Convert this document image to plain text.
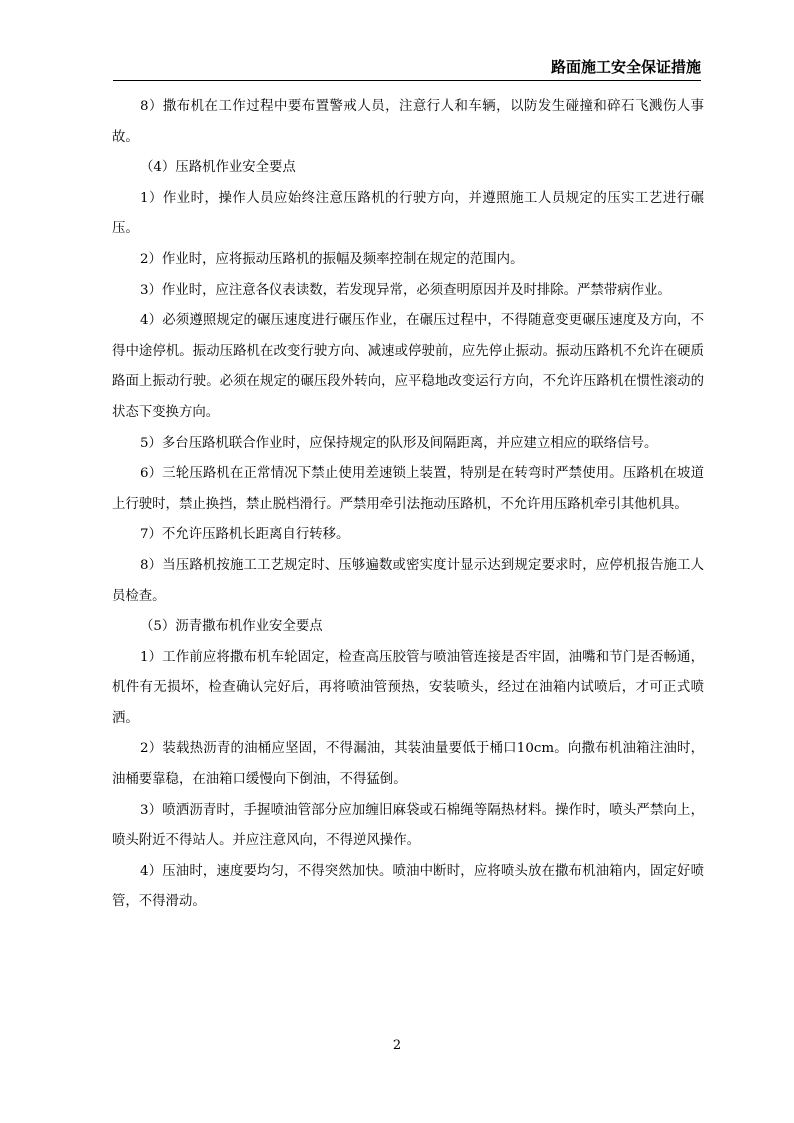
路面施工安全保证措施

8）撒布机在工作过程中要布置警戒人员，注意行人和车辆，以防发生碰撞和碎石飞溅伤人事故。

（4）压路机作业安全要点

1）作业时，操作人员应始终注意压路机的行驶方向，并遵照施工人员规定的压实工艺进行碾压。

2）作业时，应将振动压路机的振幅及频率控制在规定的范围内。

3）作业时，应注意各仪表读数，若发现异常，必须查明原因并及时排除。严禁带病作业。

4）必须遵照规定的碾压速度进行碾压作业，在碾压过程中，不得随意变更碾压速度及方向，不得中途停机。振动压路机在改变行驶方向、减速或停驶前，应先停止振动。振动压路机不允许在硬质路面上振动行驶。必须在规定的碾压段外转向，应平稳地改变运行方向，不允许压路机在惯性滚动的状态下变换方向。

5）多台压路机联合作业时，应保持规定的队形及间隔距离，并应建立相应的联络信号。

6）三轮压路机在正常情况下禁止使用差速锁上装置，特别是在转弯时严禁使用。压路机在坡道上行驶时，禁止换挡，禁止脱档滑行。严禁用牵引法拖动压路机，不允许用压路机牵引其他机具。

7）不允许压路机长距离自行转移。

8）当压路机按施工工艺规定时、压够遍数或密实度计显示达到规定要求时，应停机报告施工人员检查。

（5）沥青撒布机作业安全要点

1）工作前应将撒布机车轮固定，检查高压胶管与喷油管连接是否牢固，油嘴和节门是否畅通，机件有无损坏，检查确认完好后，再将喷油管预热，安装喷头，经过在油箱内试喷后，才可正式喷洒。

2）装载热沥青的油桶应坚固，不得漏油，其装油量要低于桶口10cm。向撒布机油箱注油时，油桶要靠稳，在油箱口缓慢向下倒油，不得猛倒。

3）喷洒沥青时，手握喷油管部分应加缠旧麻袋或石棉绳等隔热材料。操作时，喷头严禁向上，喷头附近不得站人。并应注意风向，不得逆风操作。

4）压油时，速度要均匀，不得突然加快。喷油中断时，应将喷头放在撒布机油箱内，固定好喷管，不得滑动。

2
